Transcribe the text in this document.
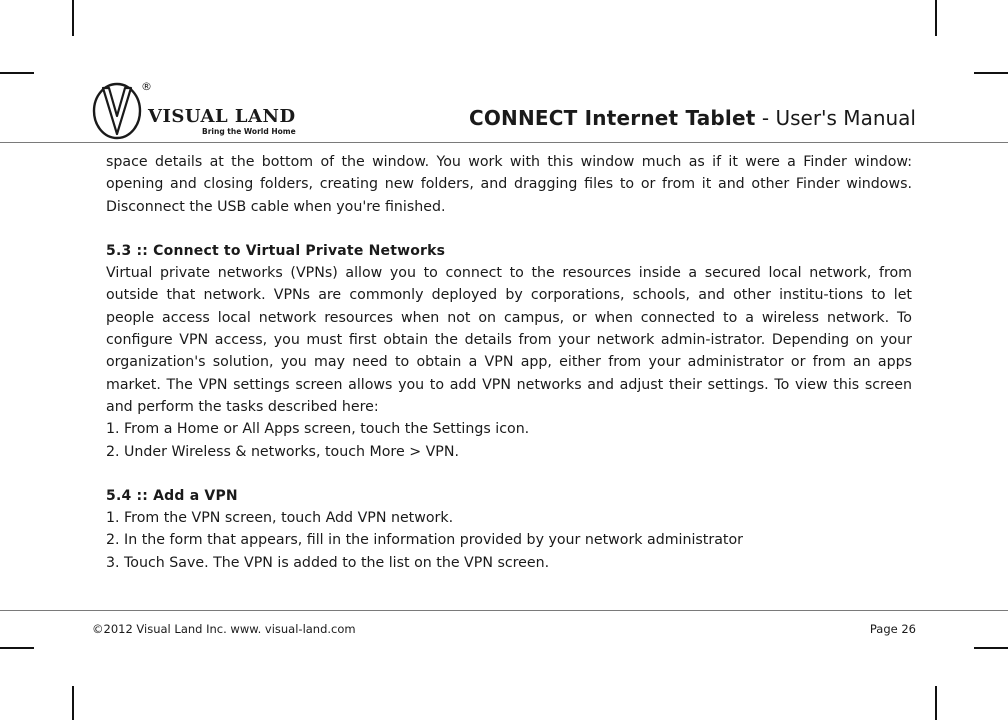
®
VISUAL LAND
Bring the World Home
CONNECT Internet Tablet - User's Manual

space details at the bottom of the window. You work with this window much as if it were a Finder window: opening and closing folders, creating new folders, and dragging files to or from it and other Finder windows. Disconnect the USB cable when you're finished.

5.3 :: Connect to Virtual Private Networks

Virtual private networks (VPNs) allow you to connect to the resources inside a secured local network, from outside that network. VPNs are commonly deployed by corporations, schools, and other institu-tions to let people access local network resources when not on campus, or when connected to a wireless network. To configure VPN access, you must first obtain the details from your network admin-istrator. Depending on your organization's solution, you may need to obtain a VPN app, either from your administrator or from an apps market. The VPN settings screen allows you to add VPN networks and adjust their settings. To view this screen and perform the tasks described here:

1. From a Home or All Apps screen, touch the Settings icon.
2. Under Wireless & networks, touch More > VPN.

5.4 :: Add a VPN

1. From the VPN screen, touch Add VPN network.
2. In the form that appears, fill in the information provided by your network administrator
3. Touch Save. The VPN is added to the list on the VPN screen.
©2012 Visual Land Inc. www. visual-land.com	Page 26
